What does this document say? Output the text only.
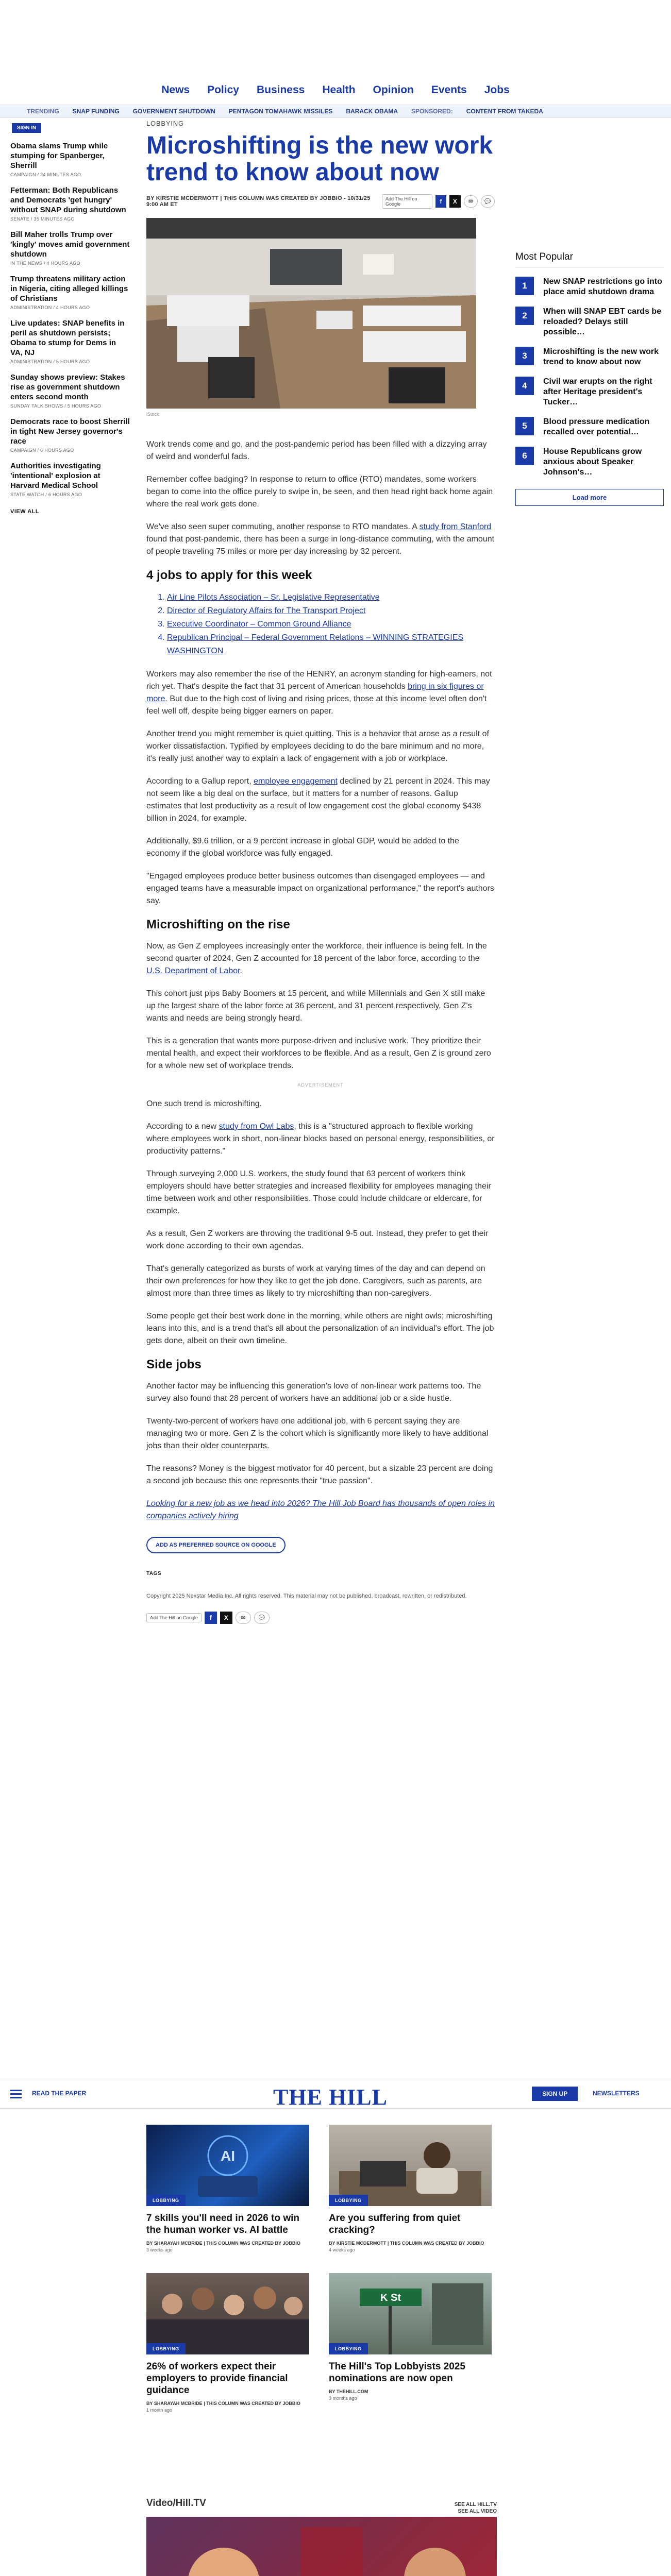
News Policy Business Health Opinion Events Jobs
TRENDING SNAP FUNDING GOVERNMENT SHUTDOWN PENTAGON TOMAHAWK MISSILES BARACK OBAMA SPONSORED: CONTENT FROM TAKEDA
SIGN IN
Obama slams Trump while stumping for Spanberger, Sherrill
CAMPAIGN / 24 MINUTES AGO
Fetterman: Both Republicans and Democrats 'get hungry' without SNAP during shutdown
SENATE / 35 MINUTES AGO
Bill Maher trolls Trump over 'kingly' moves amid government shutdown
IN THE NEWS / 4 HOURS AGO
Trump threatens military action in Nigeria, citing alleged killings of Christians
ADMINISTRATION / 4 HOURS AGO
Live updates: SNAP benefits in peril as shutdown persists; Obama to stump for Dems in VA, NJ
ADMINISTRATION / 5 HOURS AGO
Sunday shows preview: Stakes rise as government shutdown enters second month
SUNDAY TALK SHOWS / 5 HOURS AGO
Democrats race to boost Sherrill in tight New Jersey governor's race
CAMPAIGN / 6 HOURS AGO
Authorities investigating 'intentional' explosion at Harvard Medical School
STATE WATCH / 6 HOURS AGO
VIEW ALL
LOBBYING
Microshifting is the new work trend to know about now
BY KIRSTIE MCDERMOTT | THIS COLUMN WAS CREATED BY JOBBIO - 10/31/25 9:00 AM ET
Add The Hill on Google	f	X	✉	💬
iStock

Work trends come and go, and the post-pandemic period has been filled with a dizzying array of weird and wonderful fads.

Remember coffee badging? In response to return to office (RTO) mandates, some workers began to come into the office purely to swipe in, be seen, and then head right back home again where the real work gets done.

We've also seen super commuting, another response to RTO mandates. A study from Stanford found that post-pandemic, there has been a surge in long-distance commuting, with the amount of people traveling 75 miles or more per day increasing by 32 percent.

4 jobs to apply for this week
1. Air Line Pilots Association – Sr. Legislative Representative
2. Director of Regulatory Affairs for The Transport Project
3. Executive Coordinator – Common Ground Alliance
4. Republican Principal – Federal Government Relations – WINNING STRATEGIES WASHINGTON

Workers may also remember the rise of the HENRY, an acronym standing for high-earners, not rich yet. That's despite the fact that 31 percent of American households bring in six figures or more. But due to the high cost of living and rising prices, those at this income level often don't feel well off, despite being bigger earners on paper.

Another trend you might remember is quiet quitting. This is a behavior that arose as a result of worker dissatisfaction. Typified by employees deciding to do the bare minimum and no more, it's really just another way to explain a lack of engagement with a job or workplace.

According to a Gallup report, employee engagement declined by 21 percent in 2024. This may not seem like a big deal on the surface, but it matters for a number of reasons. Gallup estimates that lost productivity as a result of low engagement cost the global economy $438 billion in 2024, for example.

Additionally, $9.6 trillion, or a 9 percent increase in global GDP, would be added to the economy if the global workforce was fully engaged.

"Engaged employees produce better business outcomes than disengaged employees — and engaged teams have a measurable impact on organizational performance," the report's authors say.

Microshifting on the rise

Now, as Gen Z employees increasingly enter the workforce, their influence is being felt. In the second quarter of 2024, Gen Z accounted for 18 percent of the labor force, according to the U.S. Department of Labor.

This cohort just pips Baby Boomers at 15 percent, and while Millennials and Gen X still make up the largest share of the labor force at 36 percent, and 31 percent respectively, Gen Z's wants and needs are being strongly heard.

This is a generation that wants more purpose-driven and inclusive work. They prioritize their mental health, and expect their workforces to be flexible. And as a result, Gen Z is ground zero for a whole new set of workplace trends.

ADVERTISEMENT

One such trend is microshifting.

According to a new study from Owl Labs, this is a "structured approach to flexible working where employees work in short, non-linear blocks based on personal energy, responsibilities, or productivity patterns."

Through surveying 2,000 U.S. workers, the study found that 63 percent of workers think employers should have better strategies and increased flexibility for employees managing their time between work and other responsibilities. Those could include childcare or eldercare, for example.

As a result, Gen Z workers are throwing the traditional 9-5 out. Instead, they prefer to get their work done according to their own agendas.

That's generally categorized as bursts of work at varying times of the day and can depend on their own preferences for how they like to get the job done. Caregivers, such as parents, are almost more than three times as likely to try microshifting than non-caregivers.

Some people get their best work done in the morning, while others are night owls; microshifting leans into this, and is a trend that's all about the personalization of an individual's effort. The job gets done, albeit on their own timeline.

Side jobs

Another factor may be influencing this generation's love of non-linear work patterns too. The survey also found that 28 percent of workers have an additional job or a side hustle.

Twenty-two-percent of workers have one additional job, with 6 percent saying they are managing two or more. Gen Z is the cohort which is significantly more likely to have additional jobs than their older counterparts.

The reasons? Money is the biggest motivator for 40 percent, but a sizable 23 percent are doing a second job because this one represents their "true passion".

Looking for a new job as we head into 2026? The Hill Job Board has thousands of open roles in companies actively hiring

ADD AS PREFERRED SOURCE ON GOOGLE
TAGS
Copyright 2025 Nexstar Media Inc. All rights reserved. This material may not be published, broadcast, rewritten, or redistributed.
Add The Hill on Google	f	X	✉	💬
Most Popular
1	New SNAP restrictions go into place amid shutdown drama
2	When will SNAP EBT cards be reloaded? Delays still possible…
3	Microshifting is the new work trend to know about now
4	Civil war erupts on the right after Heritage president's Tucker…
5	Blood pressure medication recalled over potential…
6	House Republicans grow anxious about Speaker Johnson's…
Load more
READ THE PAPER	THE HILL	SIGN UP	NEWSLETTERS
AI
LOBBYING
7 skills you'll need in 2026 to win the human worker vs. AI battle
BY SHARAYAH MCBRIDE | THIS COLUMN WAS CREATED BY JOBBIO
3 weeks ago
LOBBYING
Are you suffering from quiet cracking?
BY KIRSTIE MCDERMOTT | THIS COLUMN WAS CREATED BY JOBBIO
4 weeks ago
LOBBYING
26% of workers expect their employers to provide financial guidance
BY SHARAYAH MCBRIDE | THIS COLUMN WAS CREATED BY JOBBIO
1 month ago
K St
LOBBYING
The Hill's Top Lobbyists 2025 nominations are now open
BY THEHILL.COM
3 months ago
Video/Hill.TV	SEE ALL HILL.TV
SEE ALL VIDEO
